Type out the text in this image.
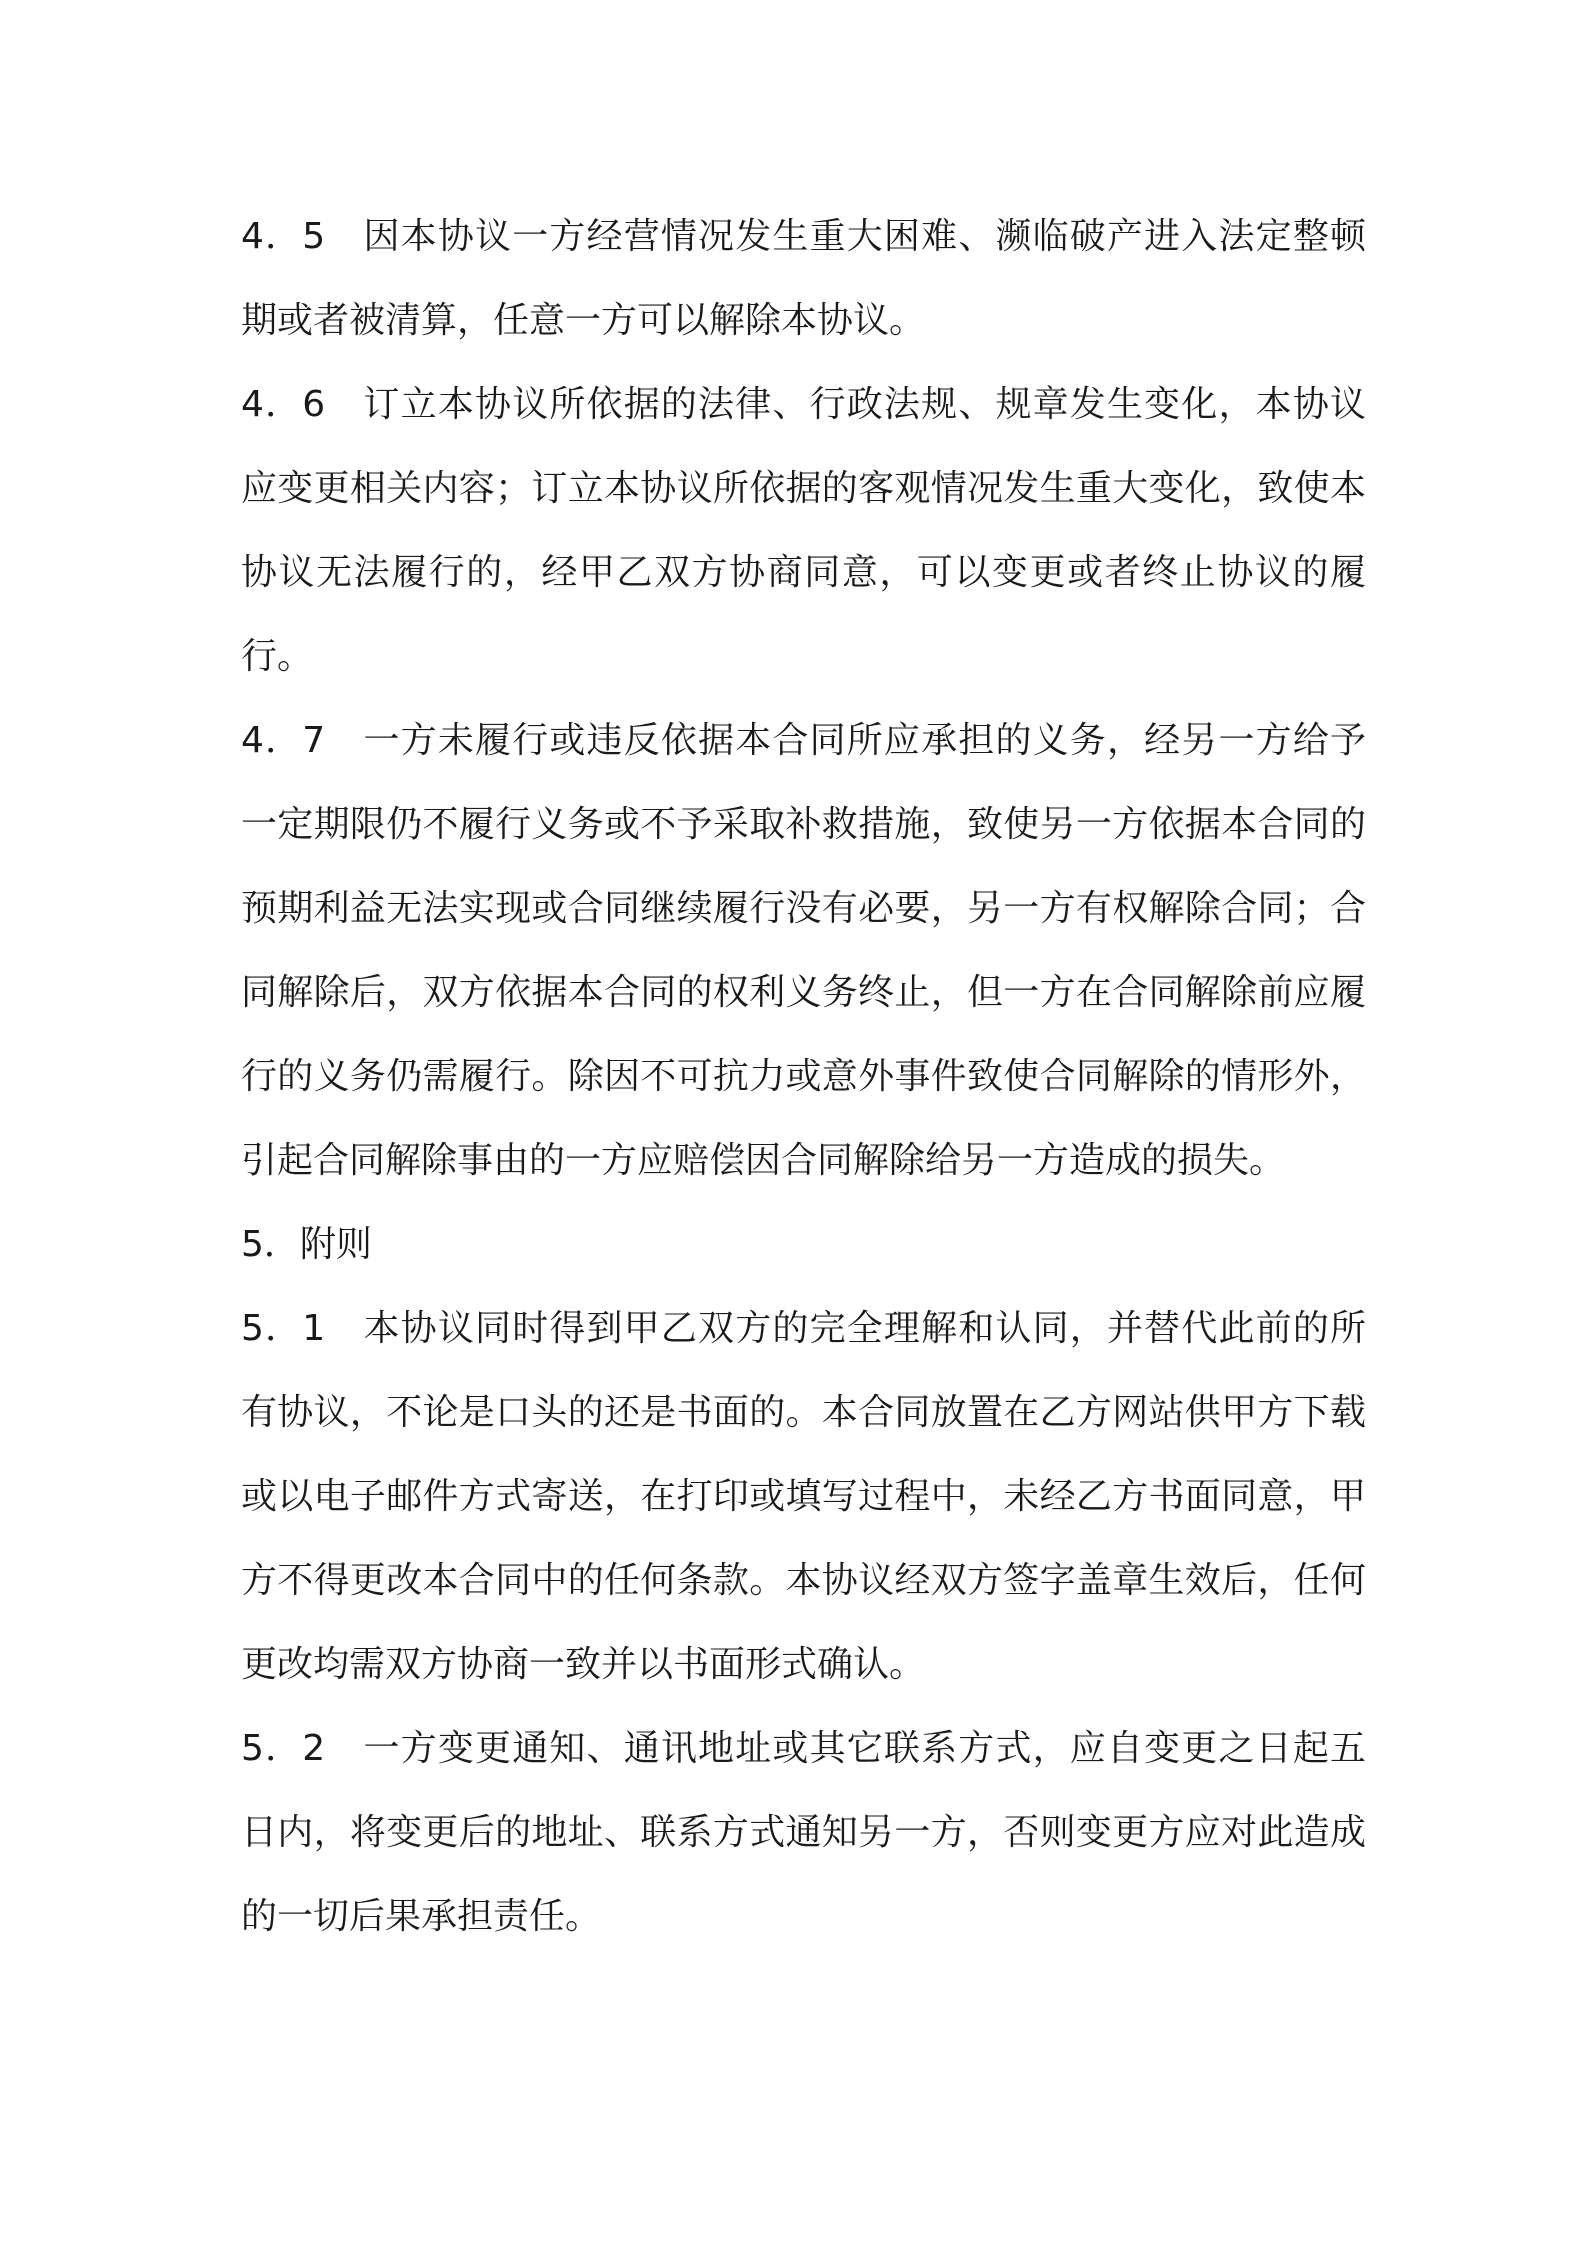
4．5　因本协议一方经营情况发生重大困难、濒临破产进入法定整顿期或者被清算，任意一方可以解除本协议。

4．6　订立本协议所依据的法律、行政法规、规章发生变化，本协议应变更相关内容；订立本协议所依据的客观情况发生重大变化，致使本协议无法履行的，经甲乙双方协商同意，可以变更或者终止协议的履行。

4．7　一方未履行或违反依据本合同所应承担的义务，经另一方给予一定期限仍不履行义务或不予采取补救措施，致使另一方依据本合同的预期利益无法实现或合同继续履行没有必要，另一方有权解除合同；合同解除后，双方依据本合同的权利义务终止，但一方在合同解除前应履行的义务仍需履行。除因不可抗力或意外事件致使合同解除的情形外，引起合同解除事由的一方应赔偿因合同解除给另一方造成的损失。

5．附则

5．1　本协议同时得到甲乙双方的完全理解和认同，并替代此前的所有协议，不论是口头的还是书面的。本合同放置在乙方网站供甲方下载或以电子邮件方式寄送，在打印或填写过程中，未经乙方书面同意，甲方不得更改本合同中的任何条款。本协议经双方签字盖章生效后，任何更改均需双方协商一致并以书面形式确认。

5．2　一方变更通知、通讯地址或其它联系方式，应自变更之日起五日内，将变更后的地址、联系方式通知另一方，否则变更方应对此造成的一切后果承担责任。
